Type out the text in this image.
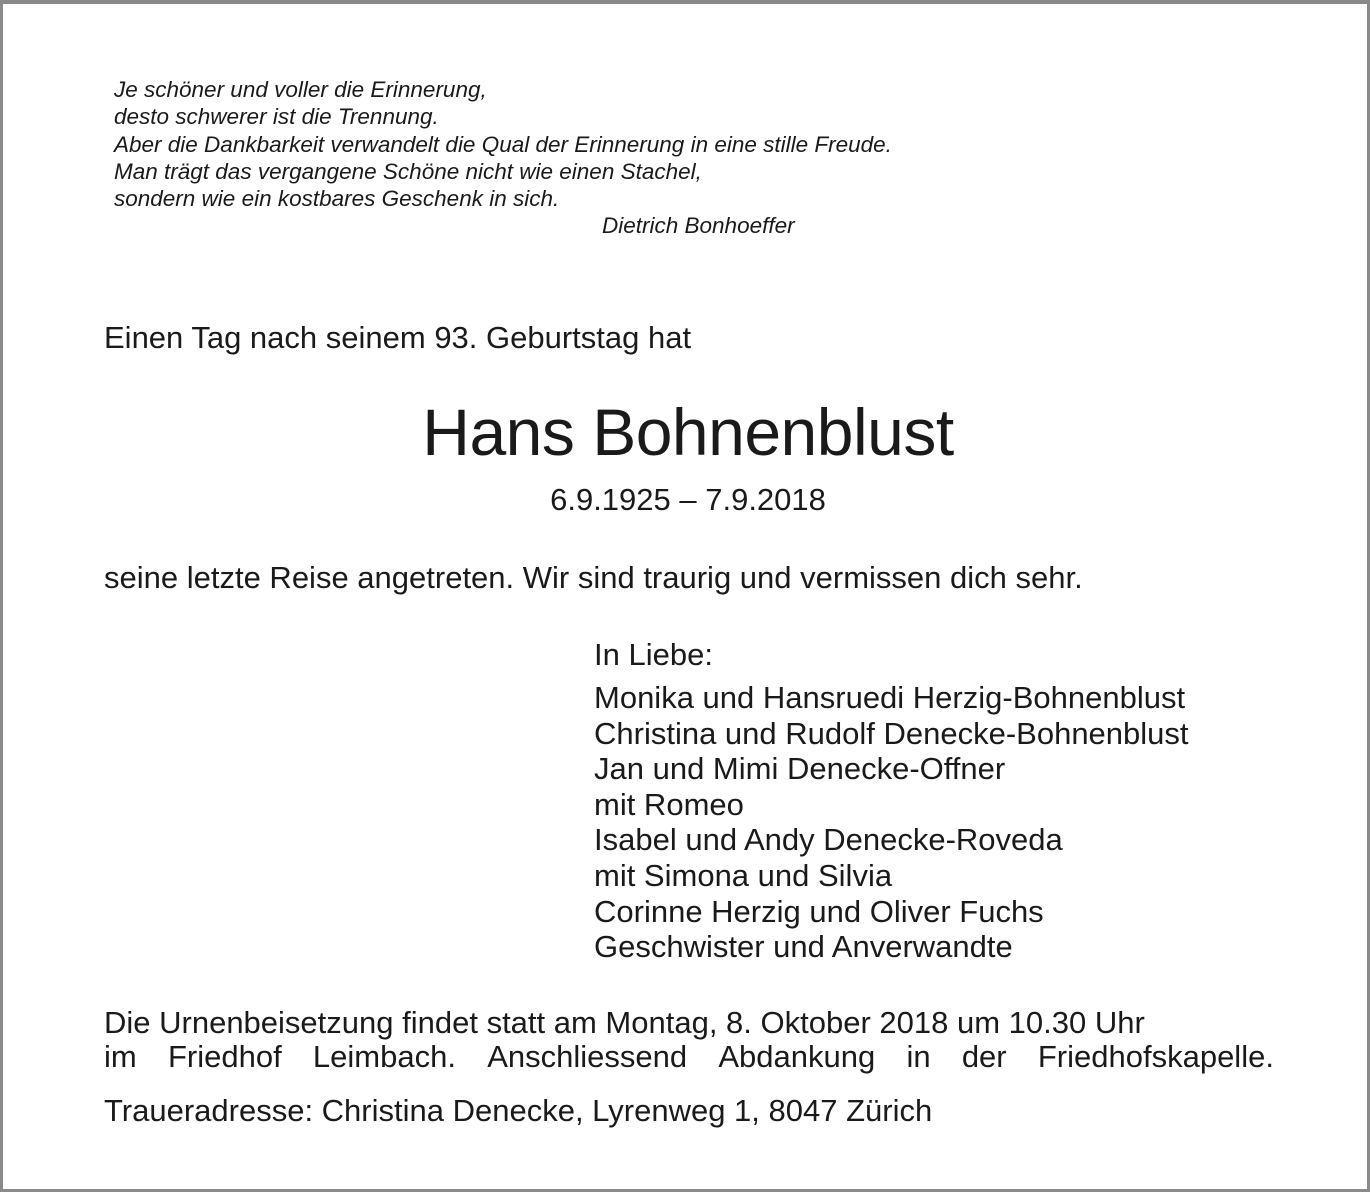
Je schöner und voller die Erinnerung,
desto schwerer ist die Trennung.
Aber die Dankbarkeit verwandelt die Qual der Erinnerung in eine stille Freude.
Man trägt das vergangene Schöne nicht wie einen Stachel,
sondern wie ein kostbares Geschenk in sich.
Dietrich Bonhoeffer
Einen Tag nach seinem 93. Geburtstag hat
Hans Bohnenblust
6.9.1925 – 7.9.2018
seine letzte Reise angetreten. Wir sind traurig und vermissen dich sehr.
In Liebe:
Monika und Hansruedi Herzig-Bohnenblust
Christina und Rudolf Denecke-Bohnenblust
Jan und Mimi Denecke-Offner
mit Romeo
Isabel und Andy Denecke-Roveda
mit Simona und Silvia
Corinne Herzig und Oliver Fuchs
Geschwister und Anverwandte
Die Urnenbeisetzung findet statt am Montag, 8. Oktober 2018 um 10.30 Uhr
im Friedhof Leimbach. Anschliessend Abdankung in der Friedhofskapelle.
Traueradresse: Christina Denecke, Lyrenweg 1, 8047 Zürich
